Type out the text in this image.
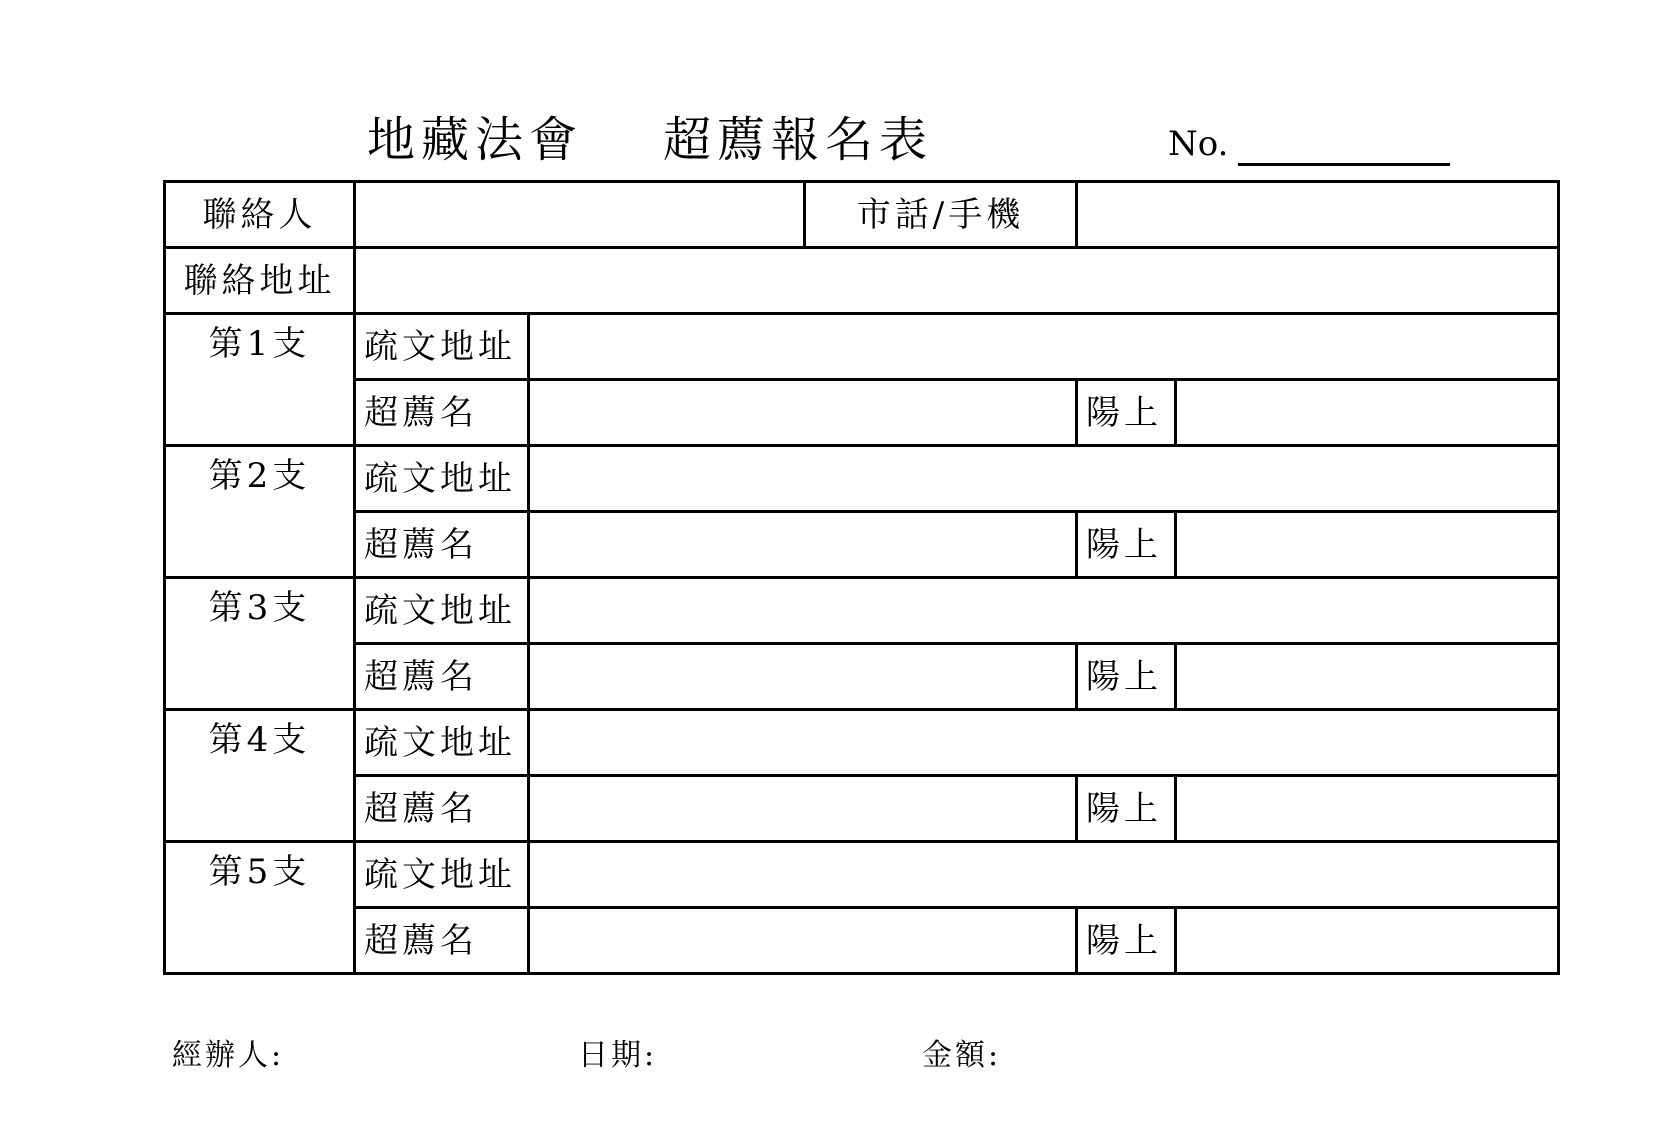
地藏法會 超薦報名表	No.
聯絡人			市話/手機		
聯絡地址					
第1支	疏文地址				
	超薦名			陽上	
第2支	疏文地址				
	超薦名			陽上	
第3支	疏文地址				
	超薦名			陽上	
第4支	疏文地址				
	超薦名			陽上	
第5支	疏文地址				
	超薦名			陽上	
經辦人:	日期:	金額:
